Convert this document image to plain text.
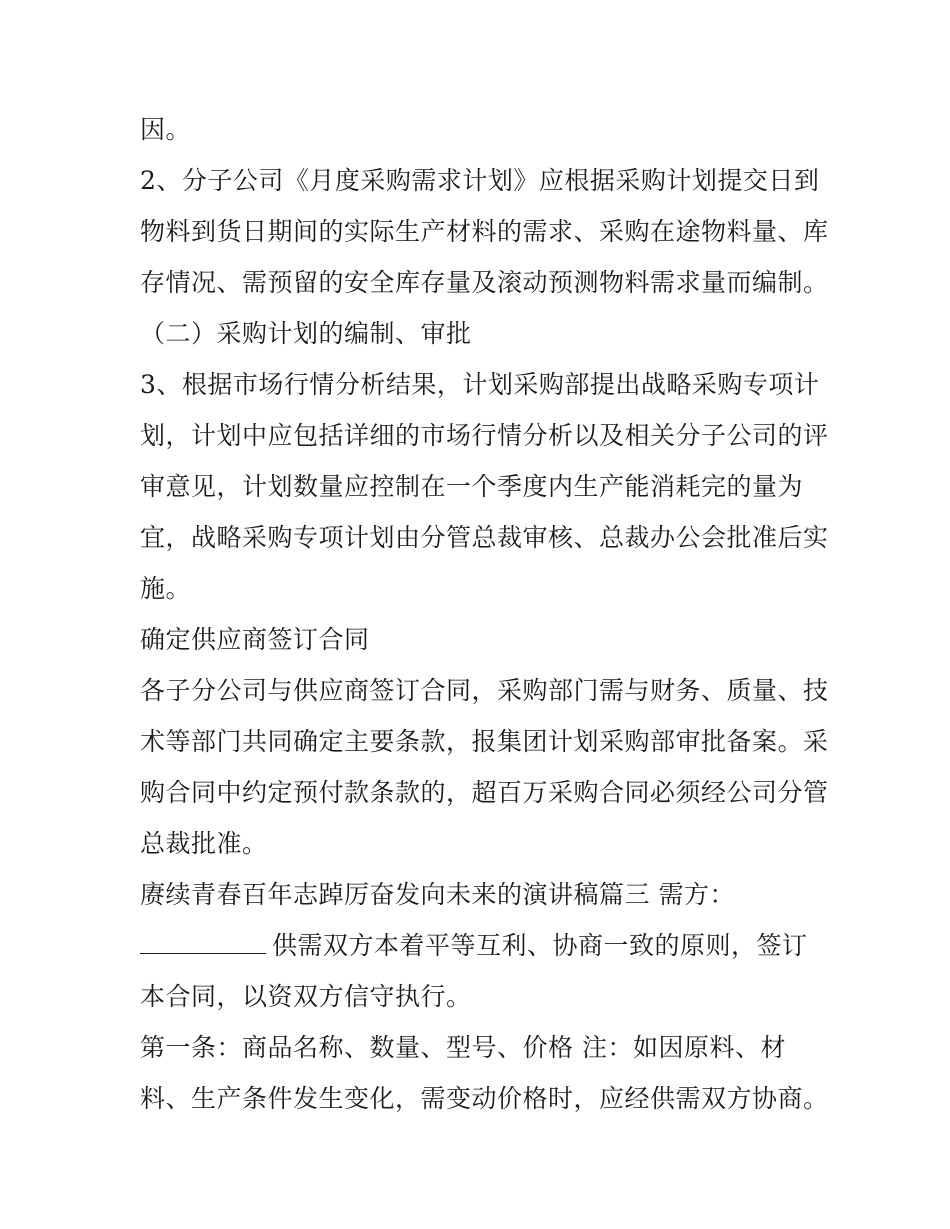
因。
2、分子公司《月度采购需求计划》应根据采购计划提交日到
物料到货日期间的实际生产材料的需求、采购在途物料量、库
存情况、需预留的安全库存量及滚动预测物料需求量而编制。
（二）采购计划的编制、审批
3、根据市场行情分析结果，计划采购部提出战略采购专项计
划，计划中应包括详细的市场行情分析以及相关分子公司的评
审意见，计划数量应控制在一个季度内生产能消耗完的量为
宜，战略采购专项计划由分管总裁审核、总裁办公会批准后实
施。
确定供应商签订合同
各子分公司与供应商签订合同，采购部门需与财务、质量、技
术等部门共同确定主要条款，报集团计划采购部审批备案。采
购合同中约定预付款条款的，超百万采购合同必须经公司分管
总裁批准。
赓续青春百年志踔厉奋发向未来的演讲稿篇三 需方：
供需双方本着平等互利、协商一致的原则，签订
本合同，以资双方信守执行。
第一条：商品名称、数量、型号、价格 注：如因原料、材
料、生产条件发生变化，需变动价格时，应经供需双方协商。
